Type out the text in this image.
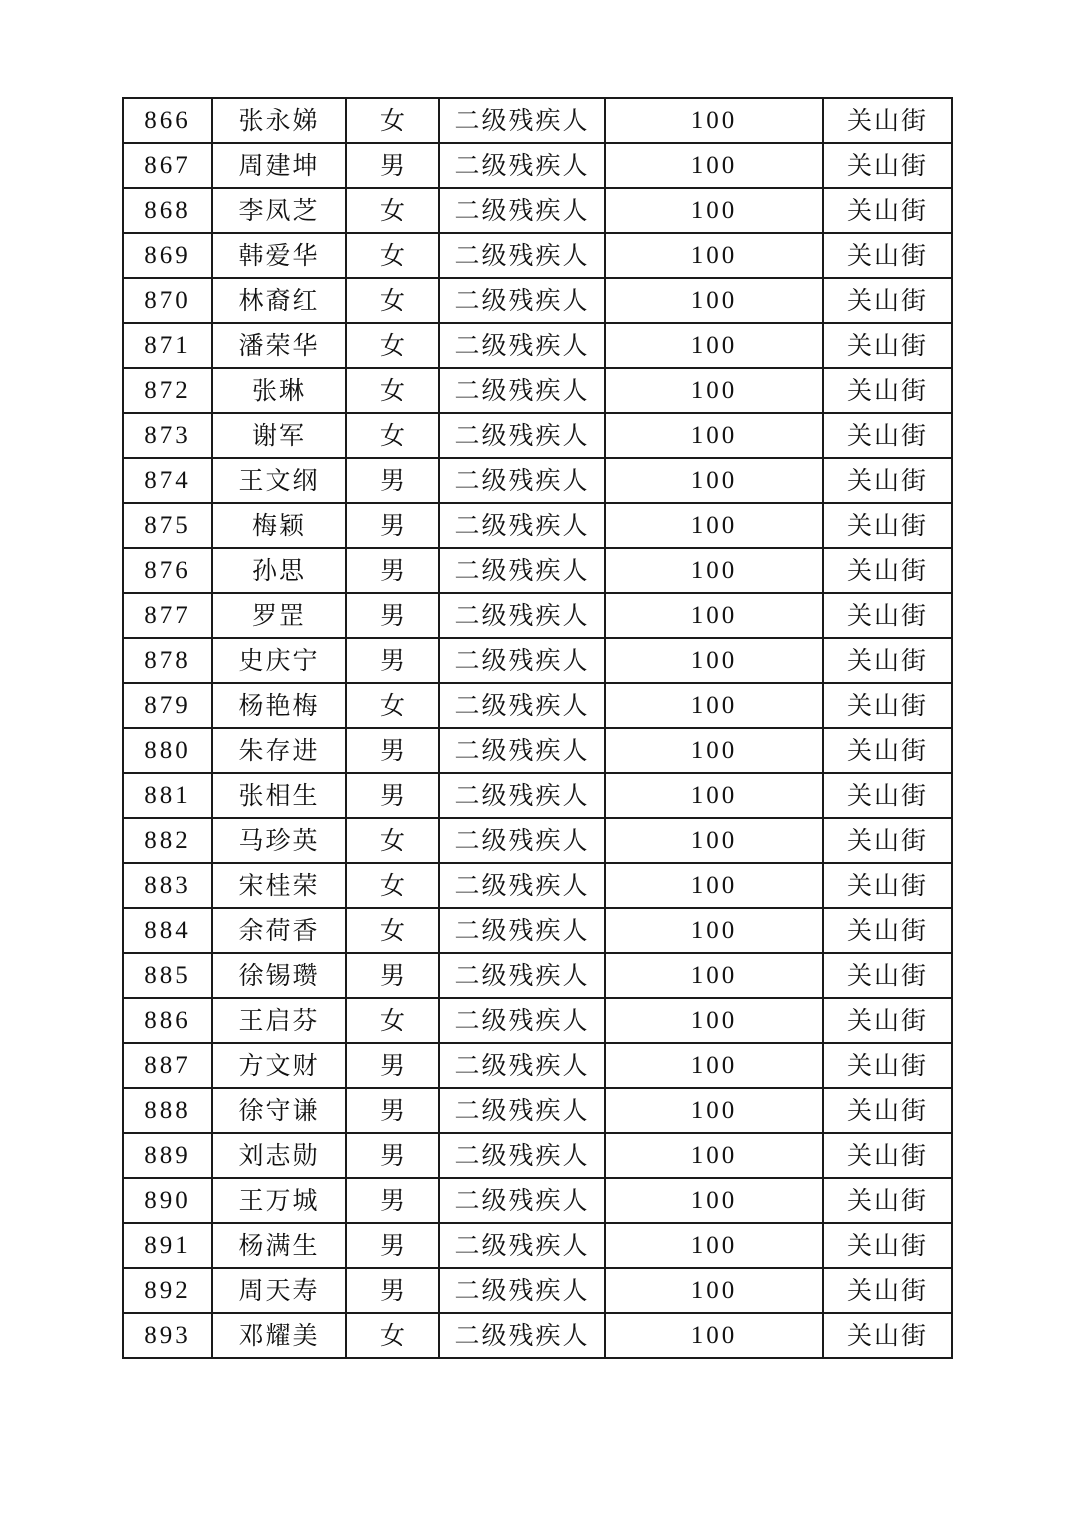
866	张永娣	女	二级残疾人	100	关山街
867	周建坤	男	二级残疾人	100	关山街
868	李凤芝	女	二级残疾人	100	关山街
869	韩爱华	女	二级残疾人	100	关山街
870	林裔红	女	二级残疾人	100	关山街
871	潘荣华	女	二级残疾人	100	关山街
872	张琳	女	二级残疾人	100	关山街
873	谢军	女	二级残疾人	100	关山街
874	王文纲	男	二级残疾人	100	关山街
875	梅颖	男	二级残疾人	100	关山街
876	孙思	男	二级残疾人	100	关山街
877	罗罡	男	二级残疾人	100	关山街
878	史庆宁	男	二级残疾人	100	关山街
879	杨艳梅	女	二级残疾人	100	关山街
880	朱存进	男	二级残疾人	100	关山街
881	张相生	男	二级残疾人	100	关山街
882	马珍英	女	二级残疾人	100	关山街
883	宋桂荣	女	二级残疾人	100	关山街
884	余荷香	女	二级残疾人	100	关山街
885	徐锡瓒	男	二级残疾人	100	关山街
886	王启芬	女	二级残疾人	100	关山街
887	方文财	男	二级残疾人	100	关山街
888	徐守谦	男	二级残疾人	100	关山街
889	刘志勋	男	二级残疾人	100	关山街
890	王万城	男	二级残疾人	100	关山街
891	杨满生	男	二级残疾人	100	关山街
892	周天寿	男	二级残疾人	100	关山街
893	邓耀美	女	二级残疾人	100	关山街
